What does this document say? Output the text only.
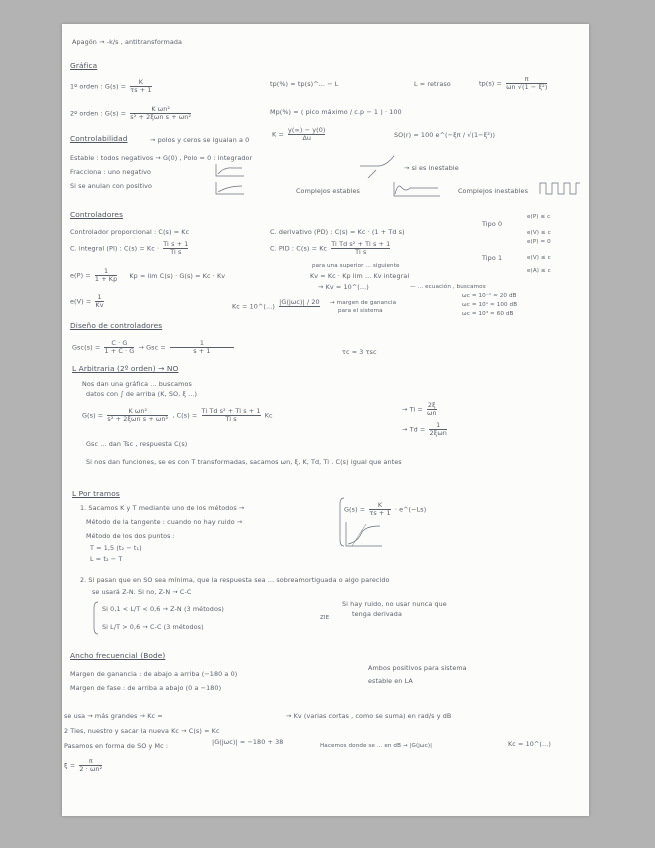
Apagón → -k/s , antitransformada
Gráfica
1º orden : $G(s) = \frac{K}{\tau s + 1}$	tp(%) = tp(s)^... − L	L = retraso	$tp(s) = \frac{\pi}{\text{ωn √(1 − ξ²)}}$
2º orden : $G(s) = \frac{\text{K ωn²}}{\text{s² + 2ξωn s + ωn²}}$	Mp(%) = ( pico máximo / c.p − 1 ) · 100
$K = \frac{y(\infty) - y(0)}{\Delta u}$	SO(r) = 100 e^(−ξπ / √(1−ξ²))
Controlabilidad	→ polos y ceros se igualan a 0
Estable : todos negativos → G(0) , Polo = 0 : integrador
→ si es inestable
Fracciona : uno negativo
Complejos estables	Complejos inestables
Si se anulan con positivo
Controladores
Controlador proporcional : C(s) = Kc	C. derivativo (PD) : C(s) = Kc · (1 + Td s)
Tipo 0
e(P) ≤ c
C. integral (PI) : $C(s) = Kc \cdot \frac{\text{Ti s + 1}}{\text{Ti s}}$	C. PID : C(s) = Kc $\frac{\text{Ti Td s² + Ti s + 1}}{\text{Ti s}}$
e(V) ≤ c
e(P) = 0
para una superior ... siguiente
Tipo 1	e(V) ≤ c
$e(P) = \frac{1}{1 + Kp}$ Kp = lim C(s) · G(s) = Kc · Kv	Kv = Kc · Kp lim ... Kv integral
e(A) ≤ c
→ Kv = 10^(...)	— ... ecuación , buscamos
ωc = 10⁻¹ ≈ 20 dB
$e(V) = \frac{1}{Kv}$	Kc = 10^(...)
|G(jωc)| / 20
→ margen de ganancia
para el sistema
ωc = 10¹ ≈ 100 dB
ωc = 10³ ≈ 60 dB
Diseño de controladores
$Gsc(s) = \frac{C \cdot G}{1 + C \cdot G}$ → Gsc = $\frac{1}{s + 1}$	τc = 3 τsc
L Arbitraria (2º orden) → NO
Nos dan una gráfica ... buscamos
datos con ∫ de arriba (K, SO, ξ ...)
$G(s) = \frac{\text{K ωn²}}{\text{s² + 2ξωn s + ωn²}}$ , $C(s) = \frac{\text{Ti Td s² + Ti s + 1}}{\text{Ti s}}$ Kc
→ $Ti = \frac{2\xi}{\omega n}$
→ $Td = \frac{1}{\text{2ξωn}}$
Gsc ... dan Tsc , respuesta C(s)
Si nos dan funciones, se es con T transformadas, sacamos ωn, ξ, K, Td, Ti . C(s) igual que antes
L Por tramos
1. Sacamos K y T mediante uno de los métodos →	$G(s) = \frac{K}{\tau s + 1}$ · e^(−Ls)
Método de la tangente : cuando no hay ruido →
Método de los dos puntos :
T = 1,5 (t₂ − t₁)
L = t₂ − T
2. Si pasan que en SO sea mínima, que la respuesta sea ... sobreamortiguada o algo parecido
se usará Z-N. Si no, Z-N → C-C
Si 0,1 < L/T < 0,6 → Z-N (3 métodos)
Si hay ruido, no usar nunca que
tenga derivada
Si L/T > 0,6 → C-C (3 métodos)
ZIE
Ancho frecuencial (Bode)
Margen de ganancia : de abajo a arriba (−180 a 0)
Ambos positivos para sistema
Margen de fase : de arriba a abajo (0 a −180)
estable en LA
se usa → más grandes → Kc =	→ Kv (varias cortas , como se suma) en rad/s y dB
2 Ties, nuestro y sacar la nueva Kc → C(s) = Kc
Pasamos en forma de SO y Mc :	|G(jωc)| = −180 + 38	Hacemos donde se ... en dB → |G(jωc)|	Kc = 10^(...)
$\xi = \frac{\pi}{\text{2 · ωn²}}$
